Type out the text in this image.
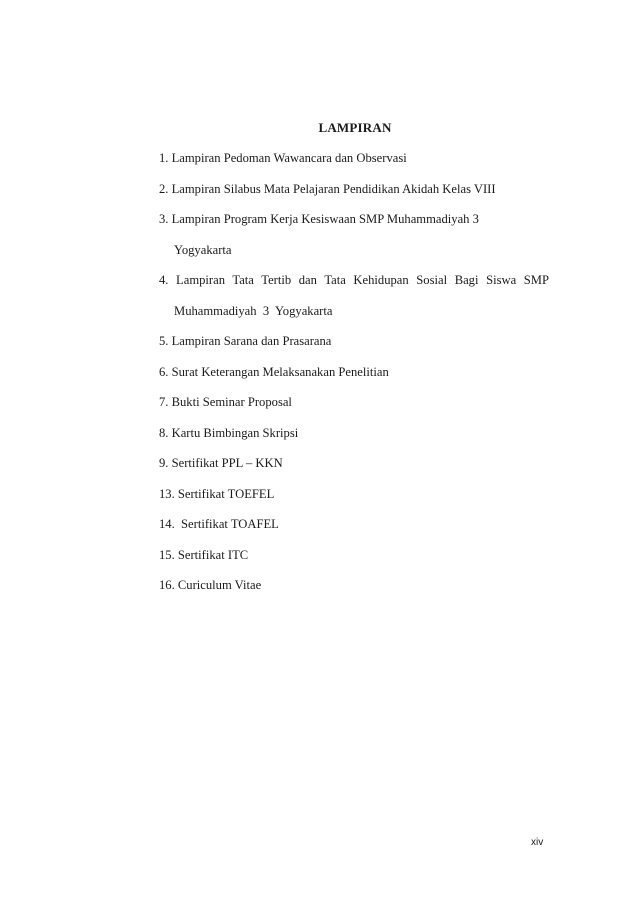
LAMPIRAN
1. Lampiran Pedoman Wawancara dan Observasi
2. Lampiran Silabus Mata Pelajaran Pendidikan Akidah Kelas VIII
3. Lampiran Program Kerja Kesiswaan SMP Muhammadiyah 3
Yogyakarta
4. Lampiran Tata Tertib dan Tata Kehidupan Sosial Bagi Siswa SMP
Muhammadiyah  3  Yogyakarta
5. Lampiran Sarana dan Prasarana
6. Surat Keterangan Melaksanakan Penelitian
7. Bukti Seminar Proposal
8. Kartu Bimbingan Skripsi
9. Sertifikat PPL – KKN
13. Sertifikat TOEFEL
14.  Sertifikat TOAFEL
15. Sertifikat ITC
16. Curiculum Vitae
xiv
